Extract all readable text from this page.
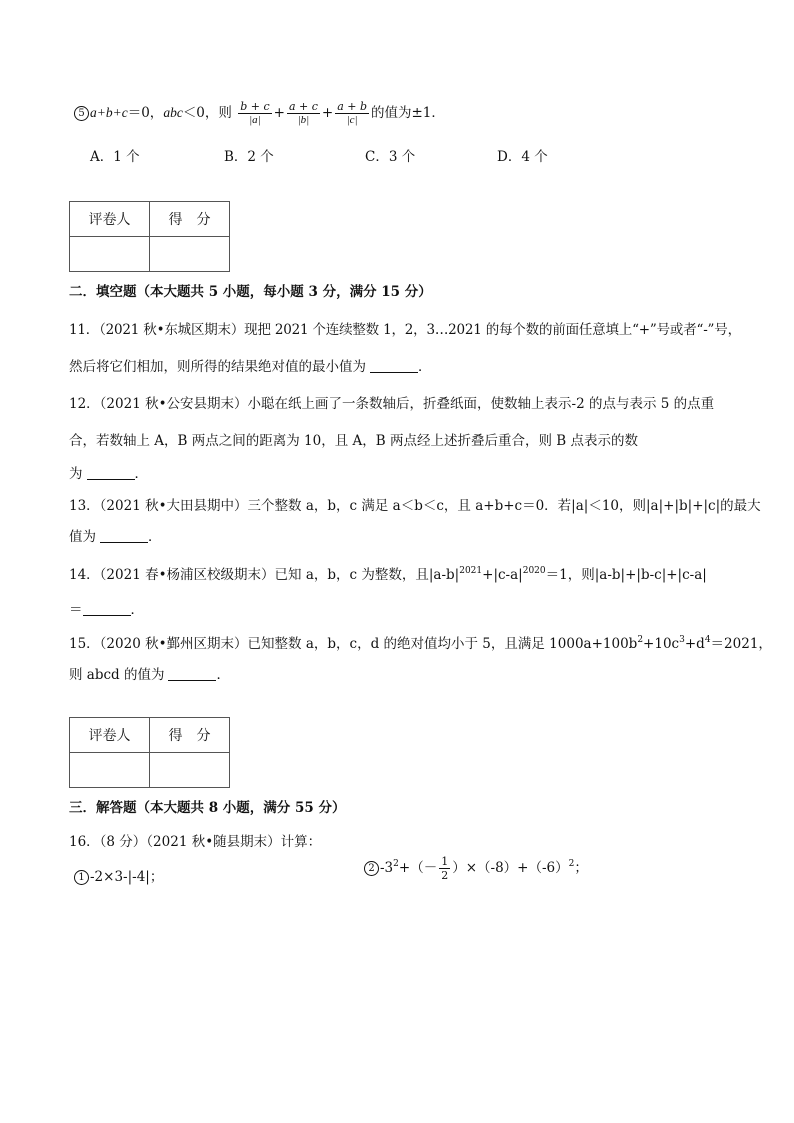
5 a+b+c＝0，abc＜0，则 $\frac{b + c}{|a|} + \frac{a + c}{|b|} + \frac{a + b}{|c|}$ 的值为±1．
A．1 个	B．2 个	C．3 个	D．4 个
评卷人	得　分

二．填空题（本大题共 5 小题，每小题 3 分，满分 15 分）
11．（2021 秋•东城区期末）现把 2021 个连续整数 1，2，3…2021 的每个数的前面任意填上“+”号或者“-”号，
然后将它们相加，则所得的结果绝对值的最小值为	．
12．（2021 秋•公安县期末）小聪在纸上画了一条数轴后，折叠纸面，使数轴上表示-2 的点与表示 5 的点重
合，若数轴上 A，B 两点之间的距离为 10，且 A，B 两点经上述折叠后重合，则 B 点表示的数
为	．
13．（2021 秋•大田县期中）三个整数 a，b，c 满足 a＜b＜c，且 a+b+c＝0．若|a|＜10，则|a|+|b|+|c|的最大
值为	．
14．（2021 春•杨浦区校级期末）已知 a，b，c 为整数，且$|a-b|^{2021}+|c-a|^{2020}=1$，则|a-b|+|b-c|+|c-a|
＝	．
15．（2020 秋•鄞州区期末）已知整数 a，b，c，d 的绝对值均小于 5，且满足 $1000a+100b^2+10c^3+d^4=2021$，
则 abcd 的值为	．
评卷人	得　分

三．解答题（本大题共 8 小题，满分 55 分）
16．（8 分）（2021 秋•随县期末）计算：
1 -2×3-|-4|；
2 $-3^2+(- \frac{1}{2} )\times(-8)+(-6)^2$；
